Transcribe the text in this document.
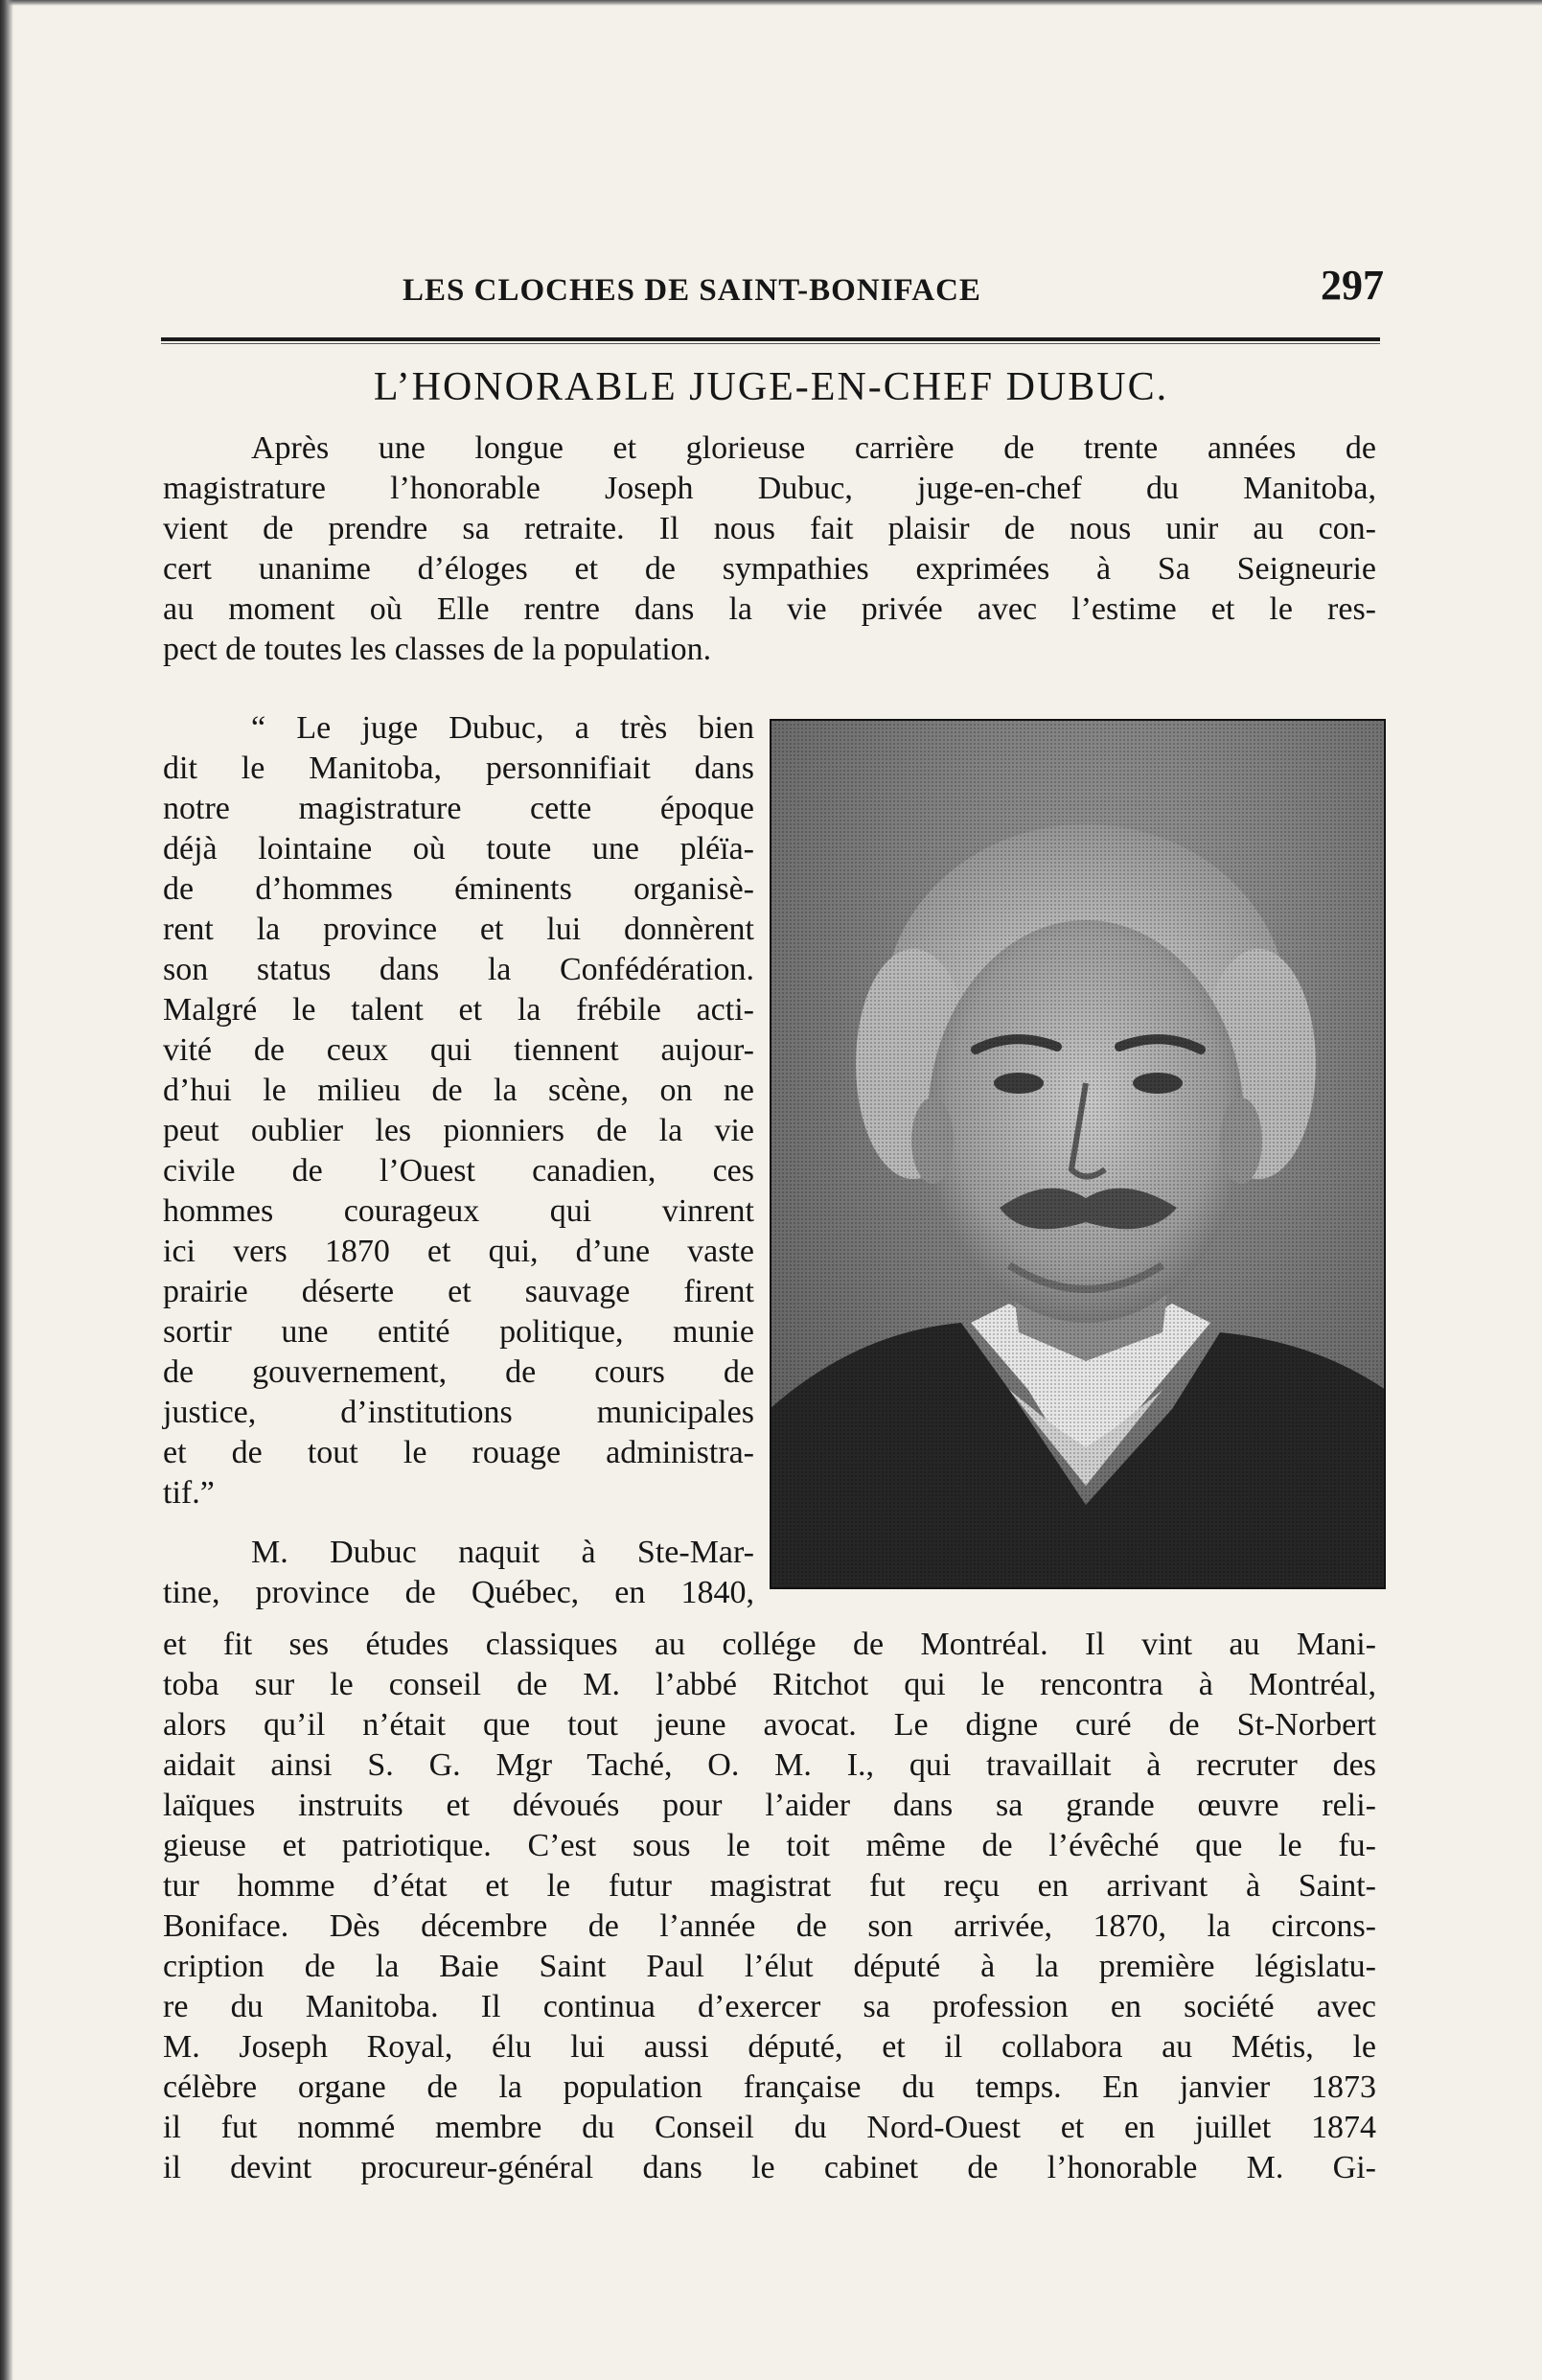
LES CLOCHES DE SAINT-BONIFACE	297
L’HONORABLE JUGE-EN-CHEF DUBUC.
Après une longue et glorieuse carrière de trente années de
magistrature l’honorable Joseph Dubuc, juge-en-chef du Manitoba,
vient de prendre sa retraite. Il nous fait plaisir de nous unir au con-
cert unanime d’éloges et de sympathies exprimées à Sa Seigneurie
au moment où Elle rentre dans la vie privée avec l’estime et le res-
pect de toutes les classes de la population.
“ Le juge Dubuc, a très bien
dit le Manitoba, personnifiait dans
notre magistrature cette époque
déjà lointaine où toute une pléïa-
de d’hommes éminents organisè-
rent la province et lui donnèrent
son status dans la Confédération.
Malgré le talent et la frébile acti-
vité de ceux qui tiennent aujour-
d’hui le milieu de la scène, on ne
peut oublier les pionniers de la vie
civile de l’Ouest canadien, ces
hommes courageux qui vinrent
ici vers 1870 et qui, d’une vaste
prairie déserte et sauvage firent
sortir une entité politique, munie
de gouvernement, de cours de
justice, d’institutions municipales
et de tout le rouage administra-
tif.”
M. Dubuc naquit à Ste-Mar-
tine, province de Québec, en 1840,
et fit ses études classiques au collége de Montréal. Il vint au Mani-
toba sur le conseil de M. l’abbé Ritchot qui le rencontra à Montréal,
alors qu’il n’était que tout jeune avocat. Le digne curé de St-Norbert
aidait ainsi S. G. Mgr Taché, O. M. I., qui travaillait à recruter des
laïques instruits et dévoués pour l’aider dans sa grande œuvre reli-
gieuse et patriotique. C’est sous le toit même de l’évêché que le fu-
tur homme d’état et le futur magistrat fut reçu en arrivant à Saint-
Boniface. Dès décembre de l’année de son arrivée, 1870, la circons-
cription de la Baie Saint Paul l’élut député à la première législatu-
re du Manitoba. Il continua d’exercer sa profession en société avec
M. Joseph Royal, élu lui aussi député, et il collabora au Métis, le
célèbre organe de la population française du temps. En janvier 1873
il fut nommé membre du Conseil du Nord-Ouest et en juillet 1874
il devint procureur-général dans le cabinet de l’honorable M. Gi-
